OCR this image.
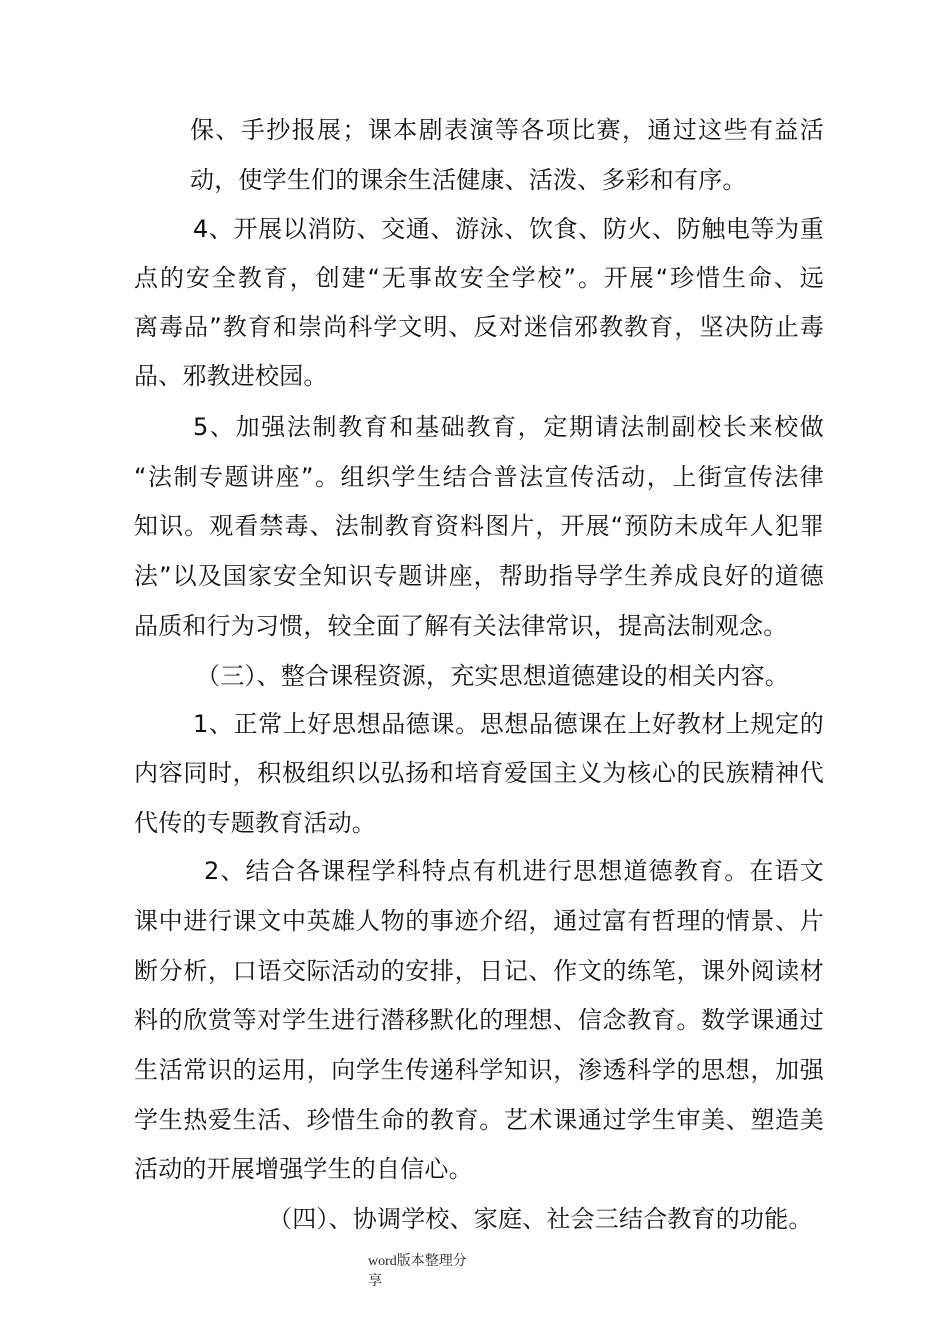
保、手抄报展；课本剧表演等各项比赛，通过这些有益活
动，使学生们的课余生活健康、活泼、多彩和有序。
4、开展以消防、交通、游泳、饮食、防火、防触电等为重
点的安全教育，创建“无事故安全学校”。开展“珍惜生命、远
离毒品”教育和崇尚科学文明、反对迷信邪教教育，坚决防止毒
品、邪教进校园。
5、加强法制教育和基础教育，定期请法制副校长来校做
“法制专题讲座”。组织学生结合普法宣传活动，上街宣传法律
知识。观看禁毒、法制教育资料图片，开展“预防未成年人犯罪
法”以及国家安全知识专题讲座，帮助指导学生养成良好的道德
品质和行为习惯，较全面了解有关法律常识，提高法制观念。
（三）、整合课程资源，充实思想道德建设的相关内容。
1、正常上好思想品德课。思想品德课在上好教材上规定的
内容同时，积极组织以弘扬和培育爱国主义为核心的民族精神代
代传的专题教育活动。
2、结合各课程学科特点有机进行思想道德教育。在语文
课中进行课文中英雄人物的事迹介绍，通过富有哲理的情景、片
断分析，口语交际活动的安排，日记、作文的练笔，课外阅读材
料的欣赏等对学生进行潜移默化的理想、信念教育。数学课通过
生活常识的运用，向学生传递科学知识，渗透科学的思想，加强
学生热爱生活、珍惜生命的教育。艺术课通过学生审美、塑造美
活动的开展增强学生的自信心。
（四）、协调学校、家庭、社会三结合教育的功能。
word版本整理分
享
